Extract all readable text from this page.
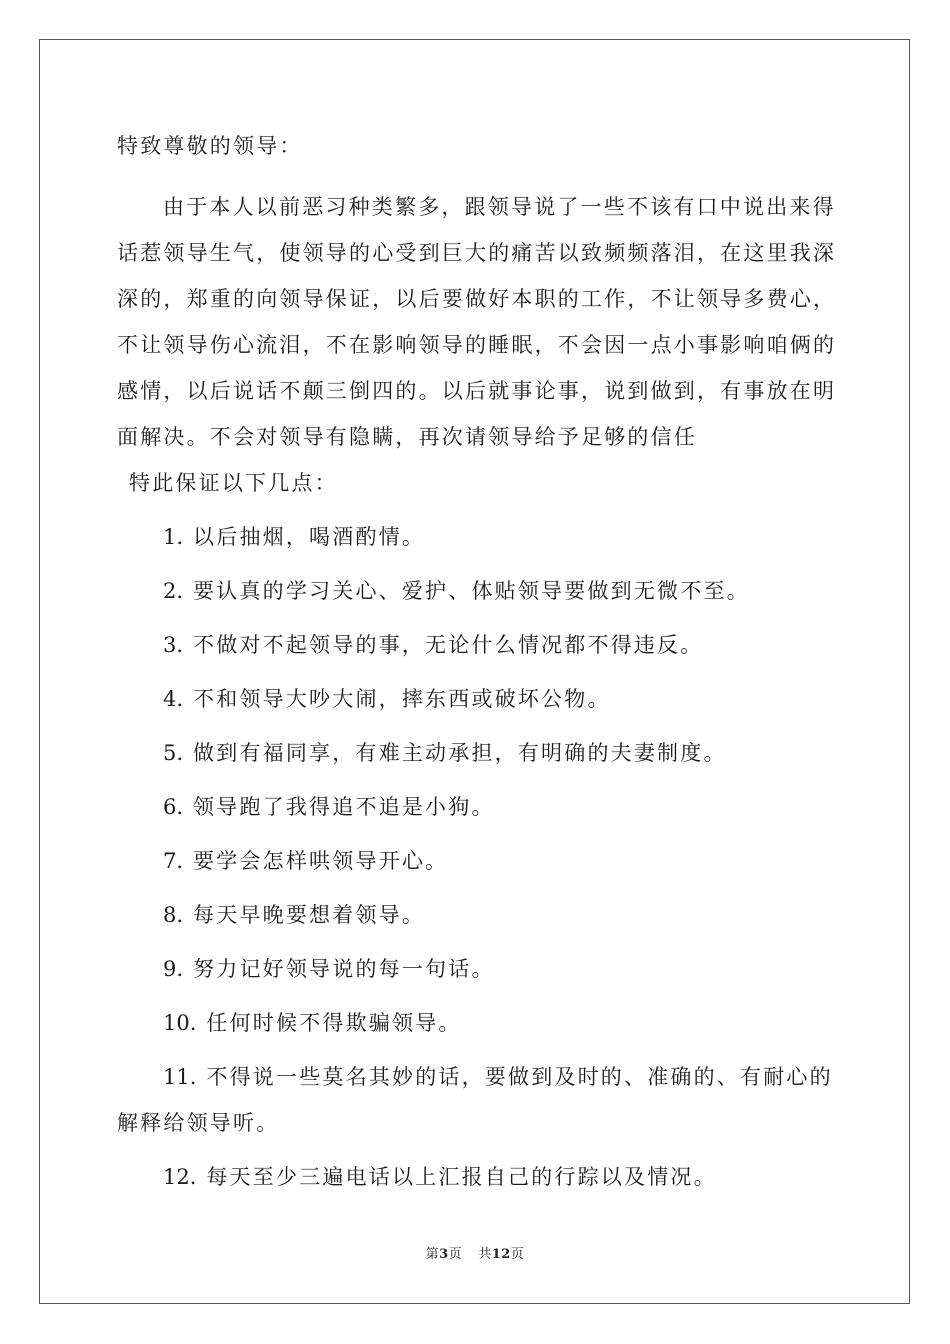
特致尊敬的领导：

由于本人以前恶习种类繁多，跟领导说了一些不该有口中说出来得话惹领导生气，使领导的心受到巨大的痛苦以致频频落泪，在这里我深深的，郑重的向领导保证，以后要做好本职的工作，不让领导多费心，不让领导伤心流泪，不在影响领导的睡眠，不会因一点小事影响咱俩的感情，以后说话不颠三倒四的。以后就事论事，说到做到，有事放在明面解决。不会对领导有隐瞒，再次请领导给予足够的信任

特此保证以下几点：

1. 以后抽烟，喝酒酌情。
2. 要认真的学习关心、爱护、体贴领导要做到无微不至。
3. 不做对不起领导的事，无论什么情况都不得违反。
4. 不和领导大吵大闹，摔东西或破坏公物。
5. 做到有福同享，有难主动承担，有明确的夫妻制度。
6. 领导跑了我得追不追是小狗。
7. 要学会怎样哄领导开心。
8. 每天早晚要想着领导。
9. 努力记好领导说的每一句话。
10. 任何时候不得欺骗领导。
11. 不得说一些莫名其妙的话，要做到及时的、准确的、有耐心的解释给领导听。
12. 每天至少三遍电话以上汇报自己的行踪以及情况。
第3页 共12页
